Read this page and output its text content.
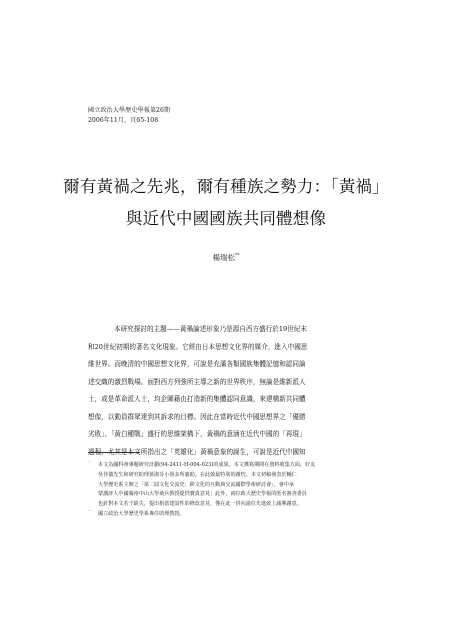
國立政治大學歷史學報第26期
2006年11月，頁65-108
爾有黃禍之先兆，爾有種族之勢力：「黃禍」
與近代中國國族共同體想像
楊瑞松**
本研究探討的主題——黃禍論述形象乃是源自西方盛行於19世紀末
和20世紀初期的著名文化現象。它經由日本思想文化界的媒介，進入中國思
維世界。而晚清的中國思想文化界，可說是充滿各類國族集體記憶和認同論
述交織的激烈戰場。面對西方列強所主導之新的世界秩序，無論是維新派人
士，或是革命派人士，均企圖藉由打造新的集體認同意識，來建構新共同體
想像，以動員群眾達到其訴求的目標。因此在當時近代中國思想界之「優勝
劣敗」、「黃白種戰」盛行的思維架構下，黃禍的意涵在近代中國的「再現」
過程，尤其是本文所指出之「英雄化」黃禍意象的誕生，可說是近代中國知
*本文為國科會專題研究計劃(94-2411-H-004-023)的成果。本文獲寫期間在資料收集方面，好友
吳佳儀先生和研究助理黃淑芬小姐多所襄助。在此致最特別的謝忱。本文初稿發表於輔仁
大學歷史系主辦之「第二屆文化交流史：跨文化的互動與交流國際學術研討會」，會中承
蒙講評人中國廣州中山大學桑兵教授提供寶貴意見；此外，兩位政大歷史學報的匿名審查委員
也針對本文若干缺失，提出相當建設性的修改意見，僅在此一併向諸位先進致上誠摯謝意。
**國立政治大學歷史學系專任助理教授。
